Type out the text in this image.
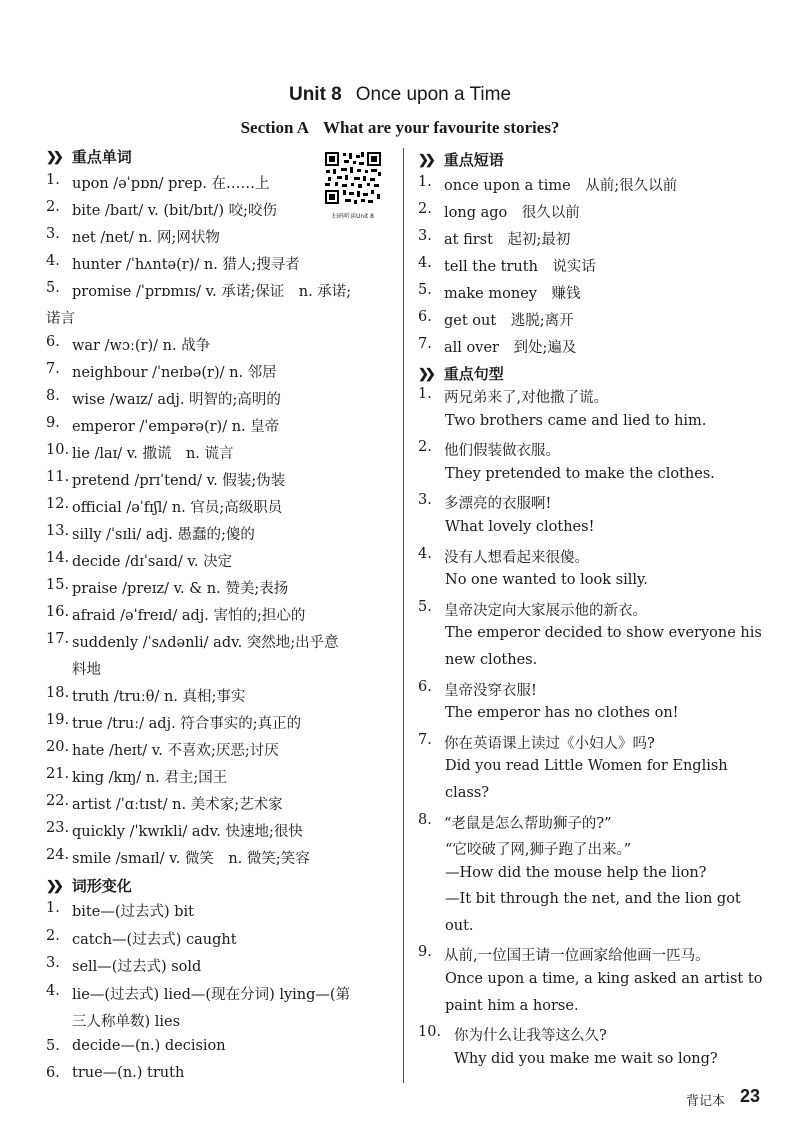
Unit 8 Once upon a Time
Section A What are your favourite stories?
扫码听读Unit 8
❯❯ 重点单词
1. upon /əˈpɒn/ prep. 在……上
2. bite /baɪt/ v. (bit/bɪt/) 咬;咬伤
3. net /net/ n. 网;网状物
4. hunter /ˈhʌntə(r)/ n. 猎人;搜寻者
5. promise /ˈprɒmɪs/ v. 承诺;保证　n. 承诺;
诺言
6. war /wɔː(r)/ n. 战争
7. neighbour /ˈneɪbə(r)/ n. 邻居
8. wise /waɪz/ adj. 明智的;高明的
9. emperor /ˈempərə(r)/ n. 皇帝
10. lie /laɪ/ v. 撒谎　n. 谎言
11. pretend /prɪˈtend/ v. 假装;伪装
12. official /əˈfɪʃl/ n. 官员;高级职员
13. silly /ˈsɪli/ adj. 愚蠢的;傻的
14. decide /dɪˈsaɪd/ v. 决定
15. praise /preɪz/ v. & n. 赞美;表扬
16. afraid /əˈfreɪd/ adj. 害怕的;担心的
17. suddenly /ˈsʌdənli/ adv. 突然地;出乎意
料地
18. truth /truːθ/ n. 真相;事实
19. true /truː/ adj. 符合事实的;真正的
20. hate /heɪt/ v. 不喜欢;厌恶;讨厌
21. king /kɪŋ/ n. 君主;国王
22. artist /ˈɑːtɪst/ n. 美术家;艺术家
23. quickly /ˈkwɪkli/ adv. 快速地;很快
24. smile /smaɪl/ v. 微笑　n. 微笑;笑容
❯❯ 词形变化
1. bite—(过去式) bit
2. catch—(过去式) caught
3. sell—(过去式) sold
4. lie—(过去式) lied—(现在分词) lying—(第
三人称单数) lies
5. decide—(n.) decision
6. true—(n.) truth
❯❯ 重点短语
1. once upon a time　从前;很久以前
2. long ago　很久以前
3. at first　起初;最初
4. tell the truth　说实话
5. make money　赚钱
6. get out　逃脱;离开
7. all over　到处;遍及
❯❯ 重点句型
1. 两兄弟来了,对他撒了谎。
Two brothers came and lied to him.
2. 他们假装做衣服。
They pretended to make the clothes.
3. 多漂亮的衣服啊!
What lovely clothes!
4. 没有人想看起来很傻。
No one wanted to look silly.
5. 皇帝决定向大家展示他的新衣。
The emperor decided to show everyone his
new clothes.
6. 皇帝没穿衣服!
The emperor has no clothes on!
7. 你在英语课上读过《小妇人》吗?
Did you read Little Women for English
class?
8. “老鼠是怎么帮助狮子的?”
“它咬破了网,狮子跑了出来。”
—How did the mouse help the lion?
—It bit through the net, and the lion got
out.
9. 从前,一位国王请一位画家给他画一匹马。
Once upon a time, a king asked an artist to
paint him a horse.
10. 你为什么让我等这么久?
Why did you make me wait so long?
背记本 23
